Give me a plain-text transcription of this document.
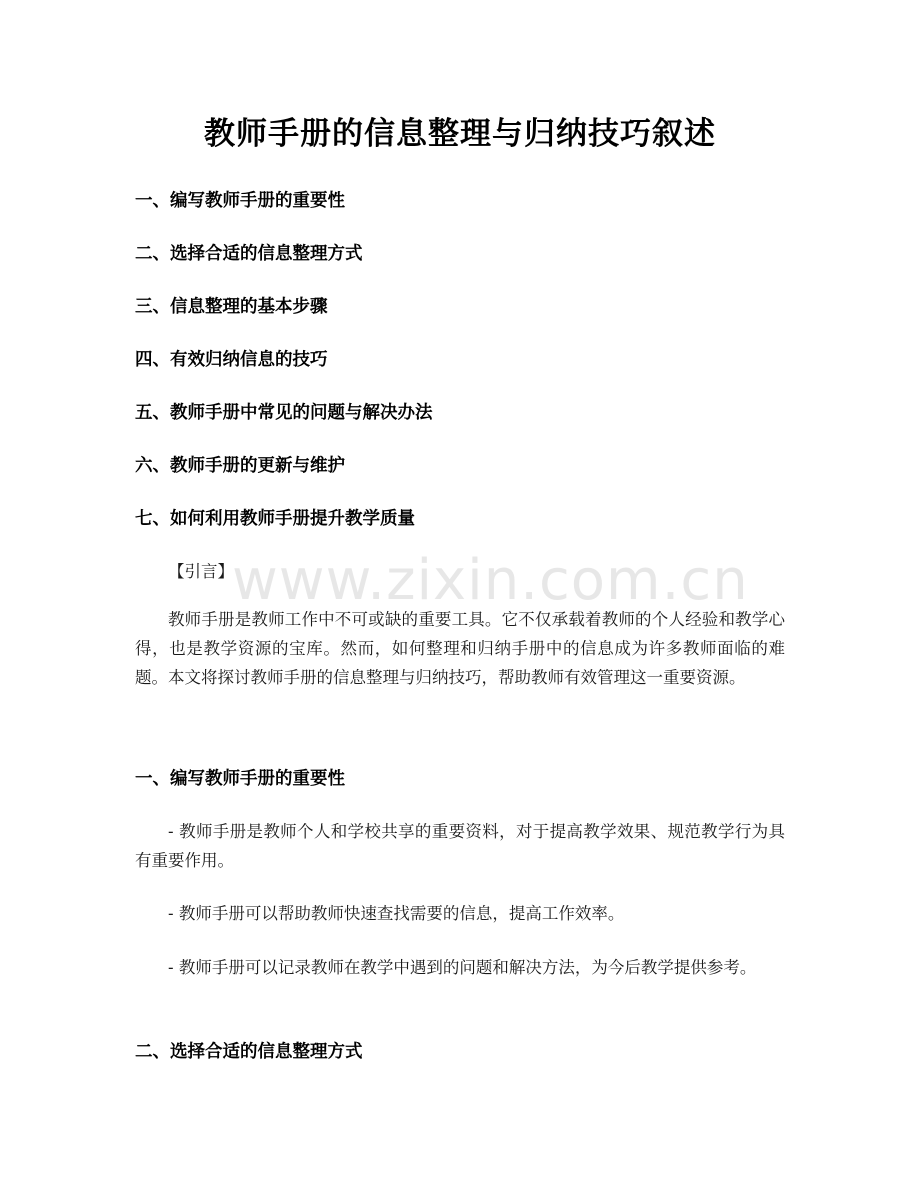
教师手册的信息整理与归纳技巧叙述
一、编写教师手册的重要性
二、选择合适的信息整理方式
三、信息整理的基本步骤
四、有效归纳信息的技巧
五、教师手册中常见的问题与解决办法
六、教师手册的更新与维护
七、如何利用教师手册提升教学质量
www.zixin.com.cn

【引言】

教师手册是教师工作中不可或缺的重要工具。它不仅承载着教师的个人经验和教学心得，也是教学资源的宝库。然而，如何整理和归纳手册中的信息成为许多教师面临的难题。本文将探讨教师手册的信息整理与归纳技巧，帮助教师有效管理这一重要资源。

一、编写教师手册的重要性

- 教师手册是教师个人和学校共享的重要资料，对于提高教学效果、规范教学行为具有重要作用。

- 教师手册可以帮助教师快速查找需要的信息，提高工作效率。

- 教师手册可以记录教师在教学中遇到的问题和解决方法，为今后教学提供参考。

二、选择合适的信息整理方式
